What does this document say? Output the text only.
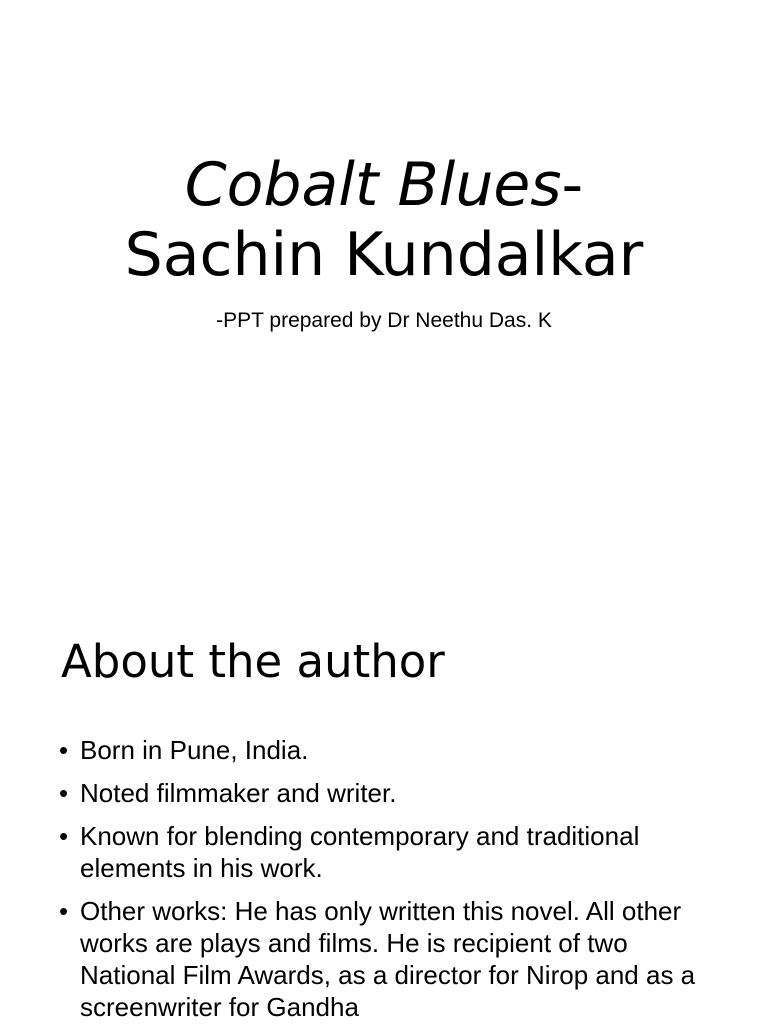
Cobalt Blues-
Sachin Kundalkar
-PPT prepared by Dr Neethu Das. K
About the author
• Born in Pune, India.
• Noted filmmaker and writer.
• Known for blending contemporary and traditional elements in his work.
• Other works: He has only written this novel. All other works are plays and films. He is recipient of two National Film Awards, as a director for Nirop and as a screenwriter for Gandha
